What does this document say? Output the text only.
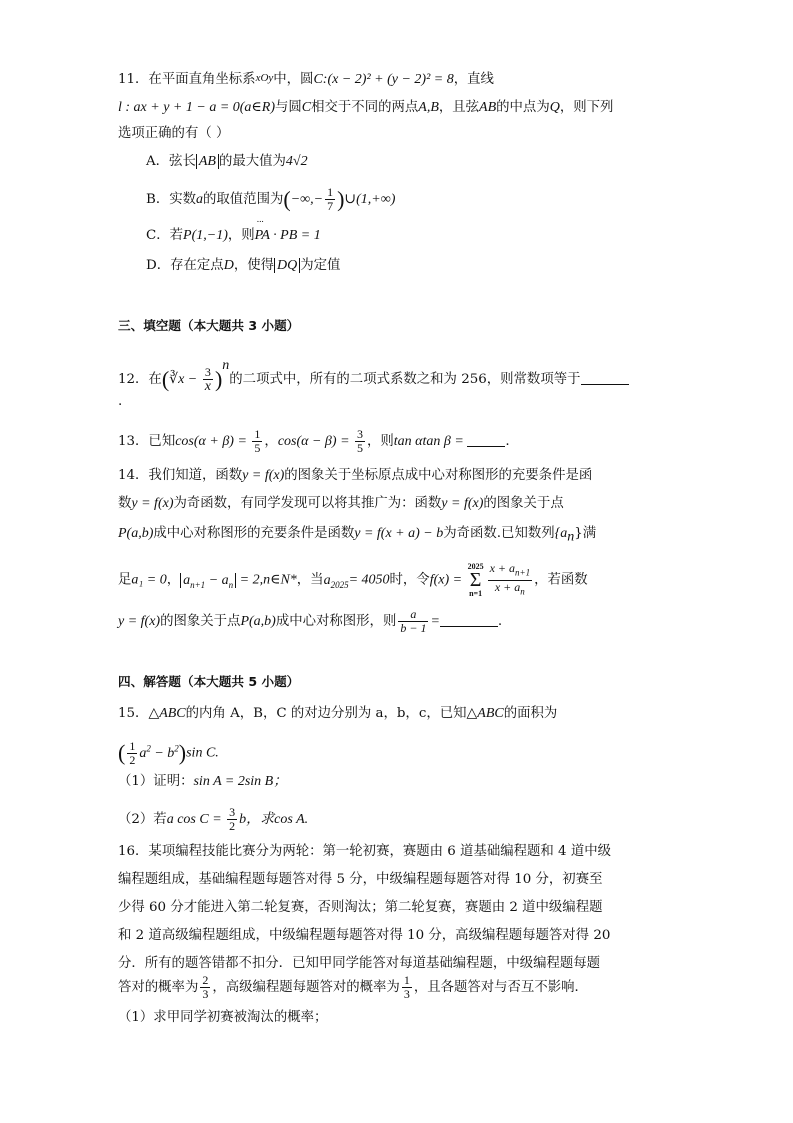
11．在平面直角坐标系xOy中，圆C:(x − 2)² + (y − 2)² = 8，直线
l : ax + y + 1 − a = 0(a∈R)与圆C相交于不同的两点A,B，且弦AB的中点为Q，则下列
选项正确的有（ ）
A．弦长 AB 的最大值为4√2
B．实数a的取值范围为(−∞,− $\frac{1}{7}$ )∪(1,+∞)
C．若P(1,−1)，则˙˙˙ PA · PB = 1
D．存在定点D，使得 DQ 为定值
三、填空题（本大题共 3 小题）
12．在(∛x − $\frac{3}{x} )^n$的二项式中，所有的二项式系数之和为 256，则常数项等于
.
13．已知$\cos(\alpha + \beta) = \frac{1}{5}$ ，$\cos(\alpha - \beta) = \frac{3}{5}$ ，则tan αtan β =	.
14．我们知道，函数y = f(x)的图象关于坐标原点成中心对称图形的充要条件是函
数y = f(x)为奇函数，有同学发现可以将其推广为：函数y = f(x)的图象关于点
P(a,b)成中心对称图形的充要条件是函数y = f(x + a) − b为奇函数.已知数列$\{a_n\}$满
足a₁ = 0， $a_{n+1} - a_n$ = 2,n∈N*，当$a_{2025}= 4050$时，令f(x) =
2025
Σ
$n=1 \frac{x + a_{n+1}}{x + a_n}$ ，若函数
y = f(x)的图象关于点P(a,b)成中心对称图形，则 $\frac{a}{b - 1}$ =	.
四、解答题（本大题共 5 小题）
15．△ABC的内角 A，B，C 的对边分别为 a，b，c，已知△ABC的面积为
( $\frac{1}{2} a^2 - b^2)\sin$ C.
（1）证明：sin A = 2sin B；
（2）若a $\cos C = \frac{3}{2}$ b，求cos A.
16．某项编程技能比赛分为两轮：第一轮初赛，赛题由 6 道基础编程题和 4 道中级
编程题组成，基础编程题每题答对得 5 分，中级编程题每题答对得 10 分，初赛至
少得 60 分才能进入第二轮复赛，否则淘汰；第二轮复赛，赛题由 2 道中级编程题
和 2 道高级编程题组成，中级编程题每题答对得 10 分，高级编程题每题答对得 20
分．所有的题答错都不扣分．已知甲同学能答对每道基础编程题，中级编程题每题
答对的概率为 $\frac{2}{3}$ ，高级编程题每题答对的概率为 $\frac{1}{3}$ ，且各题答对与否互不影响．
（1）求甲同学初赛被淘汰的概率；
